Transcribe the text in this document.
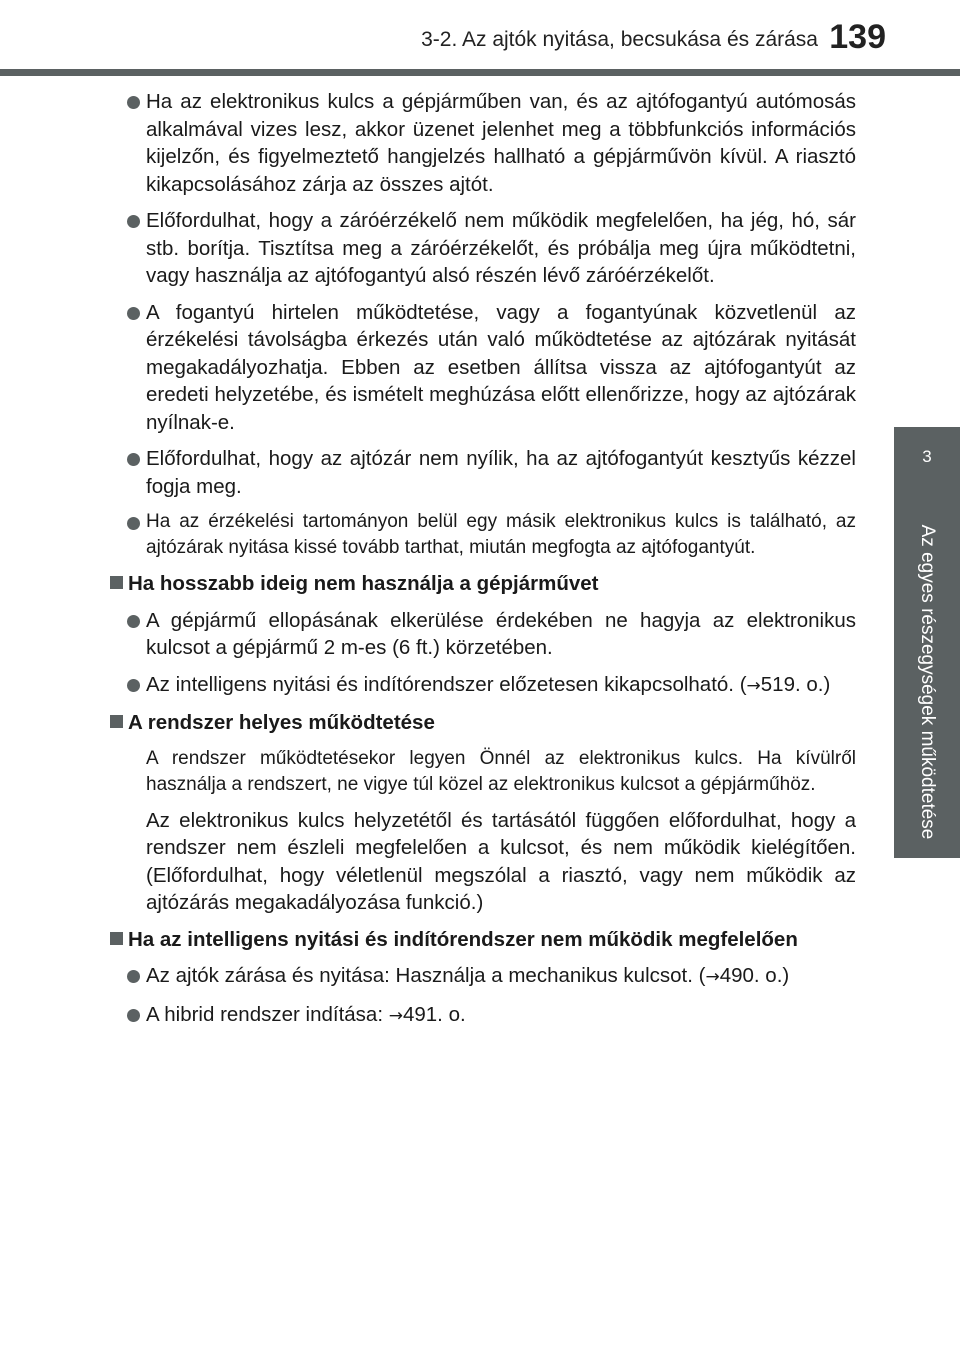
3-2. Az ajtók nyitása, becsukása és zárása 139
3
Az egyes részegységek működtetése
Ha az elektronikus kulcs a gépjárműben van, és az ajtófogantyú autómosás alkalmával vizes lesz, akkor üzenet jelenhet meg a többfunkciós információs kijelzőn, és figyelmeztető hangjelzés hallható a gépjárművön kívül. A riasztó kikapcsolásához zárja az összes ajtót.
Előfordulhat, hogy a záróérzékelő nem működik megfelelően, ha jég, hó, sár stb. borítja. Tisztítsa meg a záróérzékelőt, és próbálja meg újra működtetni, vagy használja az ajtófogantyú alsó részén lévő záróérzékelőt.
A fogantyú hirtelen működtetése, vagy a fogantyúnak közvetlenül az érzékelési távolságba érkezés után való működtetése az ajtózárak nyitását megakadályozhatja. Ebben az esetben állítsa vissza az ajtófogantyút az eredeti helyzetébe, és ismételt meghúzása előtt ellenőrizze, hogy az ajtózárak nyílnak-e.
Előfordulhat, hogy az ajtózár nem nyílik, ha az ajtófogantyút kesztyűs kézzel fogja meg.
Ha az érzékelési tartományon belül egy másik elektronikus kulcs is található, az ajtózárak nyitása kissé tovább tarthat, miután megfogta az ajtófogantyút.
Ha hosszabb ideig nem használja a gépjárművet
A gépjármű ellopásának elkerülése érdekében ne hagyja az elektronikus kulcsot a gépjármű 2 m-es (6 ft.) körzetében.
Az intelligens nyitási és indítórendszer előzetesen kikapcsolható. (→519. o.)
A rendszer helyes működtetése
A rendszer működtetésekor legyen Önnél az elektronikus kulcs. Ha kívülről használja a rendszert, ne vigye túl közel az elektronikus kulcsot a gépjárműhöz.
Az elektronikus kulcs helyzetétől és tartásától függően előfordulhat, hogy a rendszer nem észleli megfelelően a kulcsot, és nem működik kielégítően. (Előfordulhat, hogy véletlenül megszólal a riasztó, vagy nem működik az ajtózárás megakadályozása funkció.)
Ha az intelligens nyitási és indítórendszer nem működik megfelelően
Az ajtók zárása és nyitása: Használja a mechanikus kulcsot. (→490. o.)
A hibrid rendszer indítása: →491. o.
